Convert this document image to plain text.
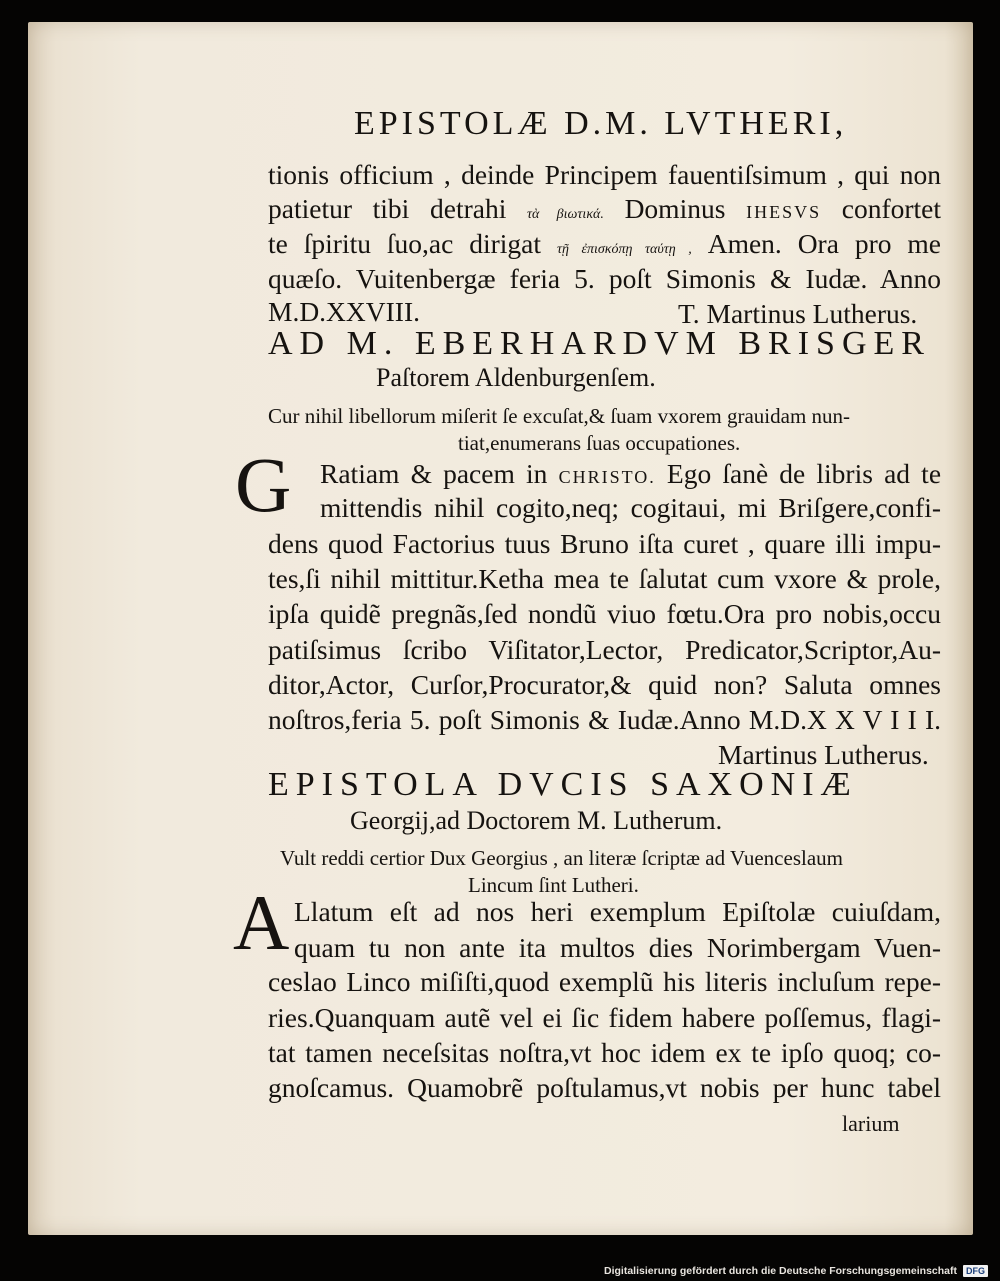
EPISTOLÆ D.M. LVTHERI,
tionis officium , deinde Principem fauentiſsimum , qui non
patietur tibi detrahi τὰ βιωτικά. Dominus IHESVS confortet
te ſpiritu ſuo,ac dirigat τῇ ἐπισκόπῃ ταύτῃ , Amen. Ora pro me
quæſo. Vuitenbergæ feria 5. poſt Simonis & Iudæ. Anno
M.D.XXVIII.	T. Martinus Lutherus.
AD M. EBERHARDVM BRISGER
Paſtorem Aldenburgenſem.
Cur nihil libellorum miſerit ſe excuſat,& ſuam vxorem grauidam nun-
tiat,enumerans ſuas occupationes.
G Ratiam & pacem in CHRISTO. Ego ſanè de libris ad te
mittendis nihil cogito,neq; cogitaui, mi Briſgere,confi-
dens quod Factorius tuus Bruno iſta curet , quare illi impu-
tes,ſi nihil mittitur.Ketha mea te ſalutat cum vxore & prole,
ipſa quidẽ pregnãs,ſed nondũ viuo fœtu.Ora pro nobis,occu
patiſsimus ſcribo Viſitator,Lector, Predicator,Scriptor,Au-
ditor,Actor, Curſor,Procurator,& quid non? Saluta omnes
noſtros,feria 5. poſt Simonis & Iudæ.Anno M.D.X X V I I I.
Martinus Lutherus.
EPISTOLA DVCIS SAXONIÆ
Georgij,ad Doctorem M. Lutherum.
Vult reddi certior Dux Georgius , an literæ ſcriptæ ad Vuenceslaum
Lincum ſint Lutheri.
A Llatum eſt ad nos heri exemplum Epiſtolæ cuiuſdam,
quam tu non ante ita multos dies Norimbergam Vuen-
ceslao Linco miſiſti,quod exemplũ his literis incluſum repe-
ries.Quanquam autẽ vel ei ſic fidem habere poſſemus, flagi-
tat tamen neceſsitas noſtra,vt hoc idem ex te ipſo quoq; co-
gnoſcamus. Quamobrẽ poſtulamus,vt nobis per hunc tabel
larium
Digitalisierung gefördert durch die Deutsche Forschungsgemeinschaft	DFG
